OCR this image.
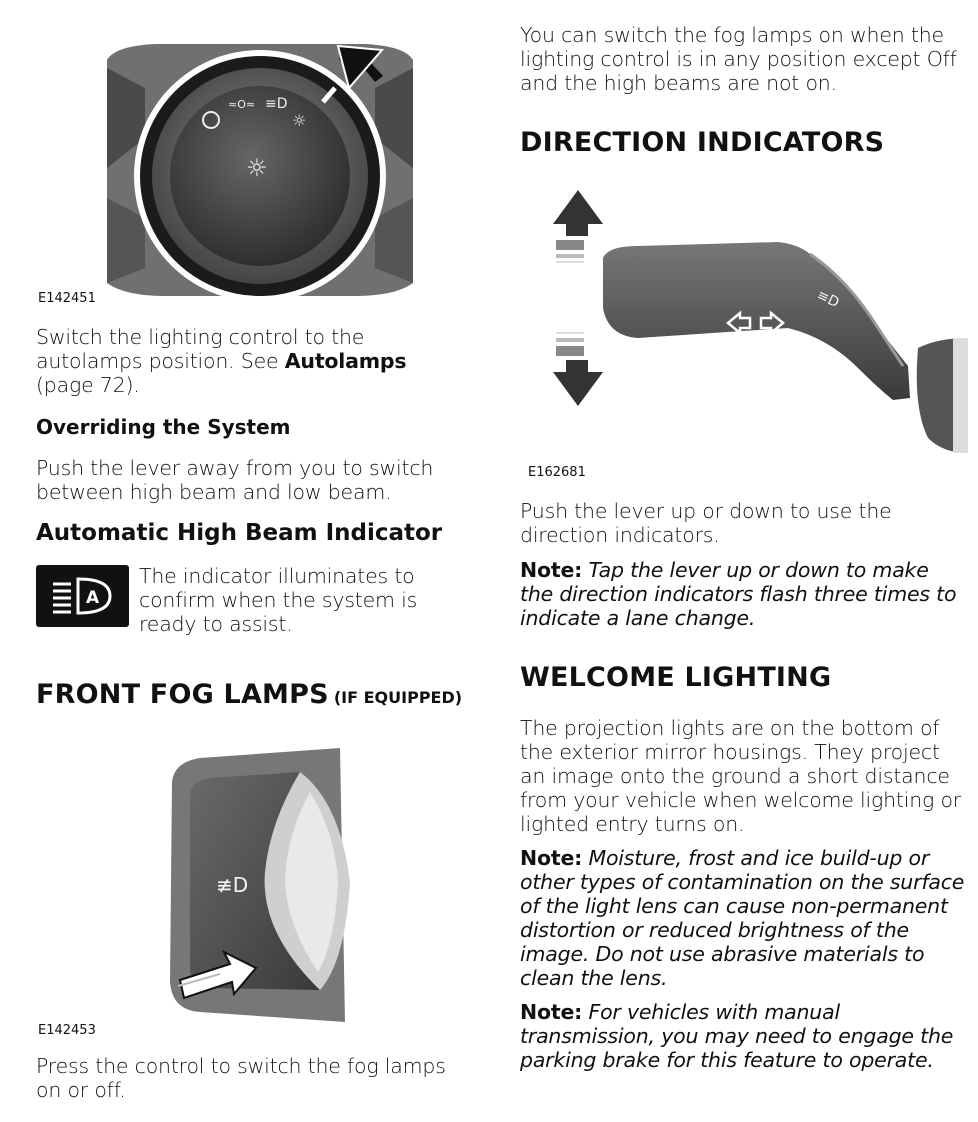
≈Ο≈ ≡D
☼
☼
E142451
Switch the lighting control to the autolamps position. See Autolamps (page 72).
Overriding the System
Push the lever away from you to switch between high beam and low beam.
Automatic High Beam Indicator
A
The indicator illuminates to confirm when the system is ready to assist.
FRONT FOG LAMPS (IF EQUIPPED)
≢D
E142453
Press the control to switch the fog lamps on or off.
You can switch the fog lamps on when the lighting control is in any position except Off and the high beams are not on.
DIRECTION INDICATORS
≡D
E162681
Push the lever up or down to use the direction indicators.
Note: Tap the lever up or down to make the direction indicators flash three times to indicate a lane change.
WELCOME LIGHTING
The projection lights are on the bottom of the exterior mirror housings. They project an image onto the ground a short distance from your vehicle when welcome lighting or lighted entry turns on.
Note: Moisture, frost and ice build-up or other types of contamination on the surface of the light lens can cause non-permanent distortion or reduced brightness of the image. Do not use abrasive materials to clean the lens.
Note: For vehicles with manual transmission, you may need to engage the parking brake for this feature to operate.
